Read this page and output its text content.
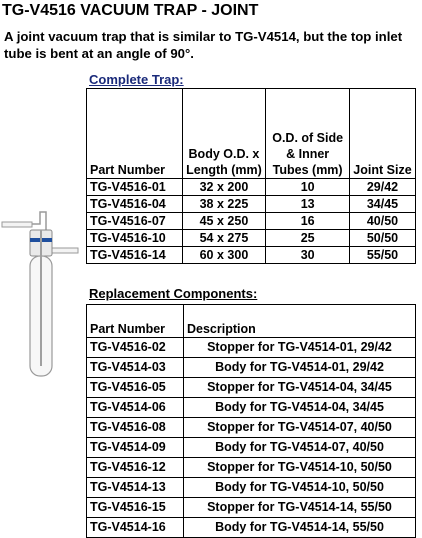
TG-V4516 VACUUM TRAP - JOINT
A joint vacuum trap that is similar to TG-V4514, but the top inlet tube is bent at an angle of 90°.
Complete Trap:
Part Number	Body O.D. x Length (mm)	O.D. of Side & Inner Tubes (mm)	Joint Size
TG-V4516-01	32 x 200	10	29/42
TG-V4516-04	38 x 225	13	34/45
TG-V4516-07	45 x 250	16	40/50
TG-V4516-10	54 x 275	25	50/50
TG-V4516-14	60 x 300	30	55/50
Replacement Components:
Part Number	Description
TG-V4516-02	Stopper for TG-V4514-01, 29/42
TG-V4514-03	Body for TG-V4514-01, 29/42
TG-V4516-05	Stopper for TG-V4514-04, 34/45
TG-V4514-06	Body for TG-V4514-04, 34/45
TG-V4516-08	Stopper for TG-V4514-07, 40/50
TG-V4514-09	Body for TG-V4514-07, 40/50
TG-V4516-12	Stopper for TG-V4514-10, 50/50
TG-V4514-13	Body for TG-V4514-10, 50/50
TG-V4516-15	Stopper for TG-V4514-14, 55/50
TG-V4514-16	Body for TG-V4514-14, 55/50
